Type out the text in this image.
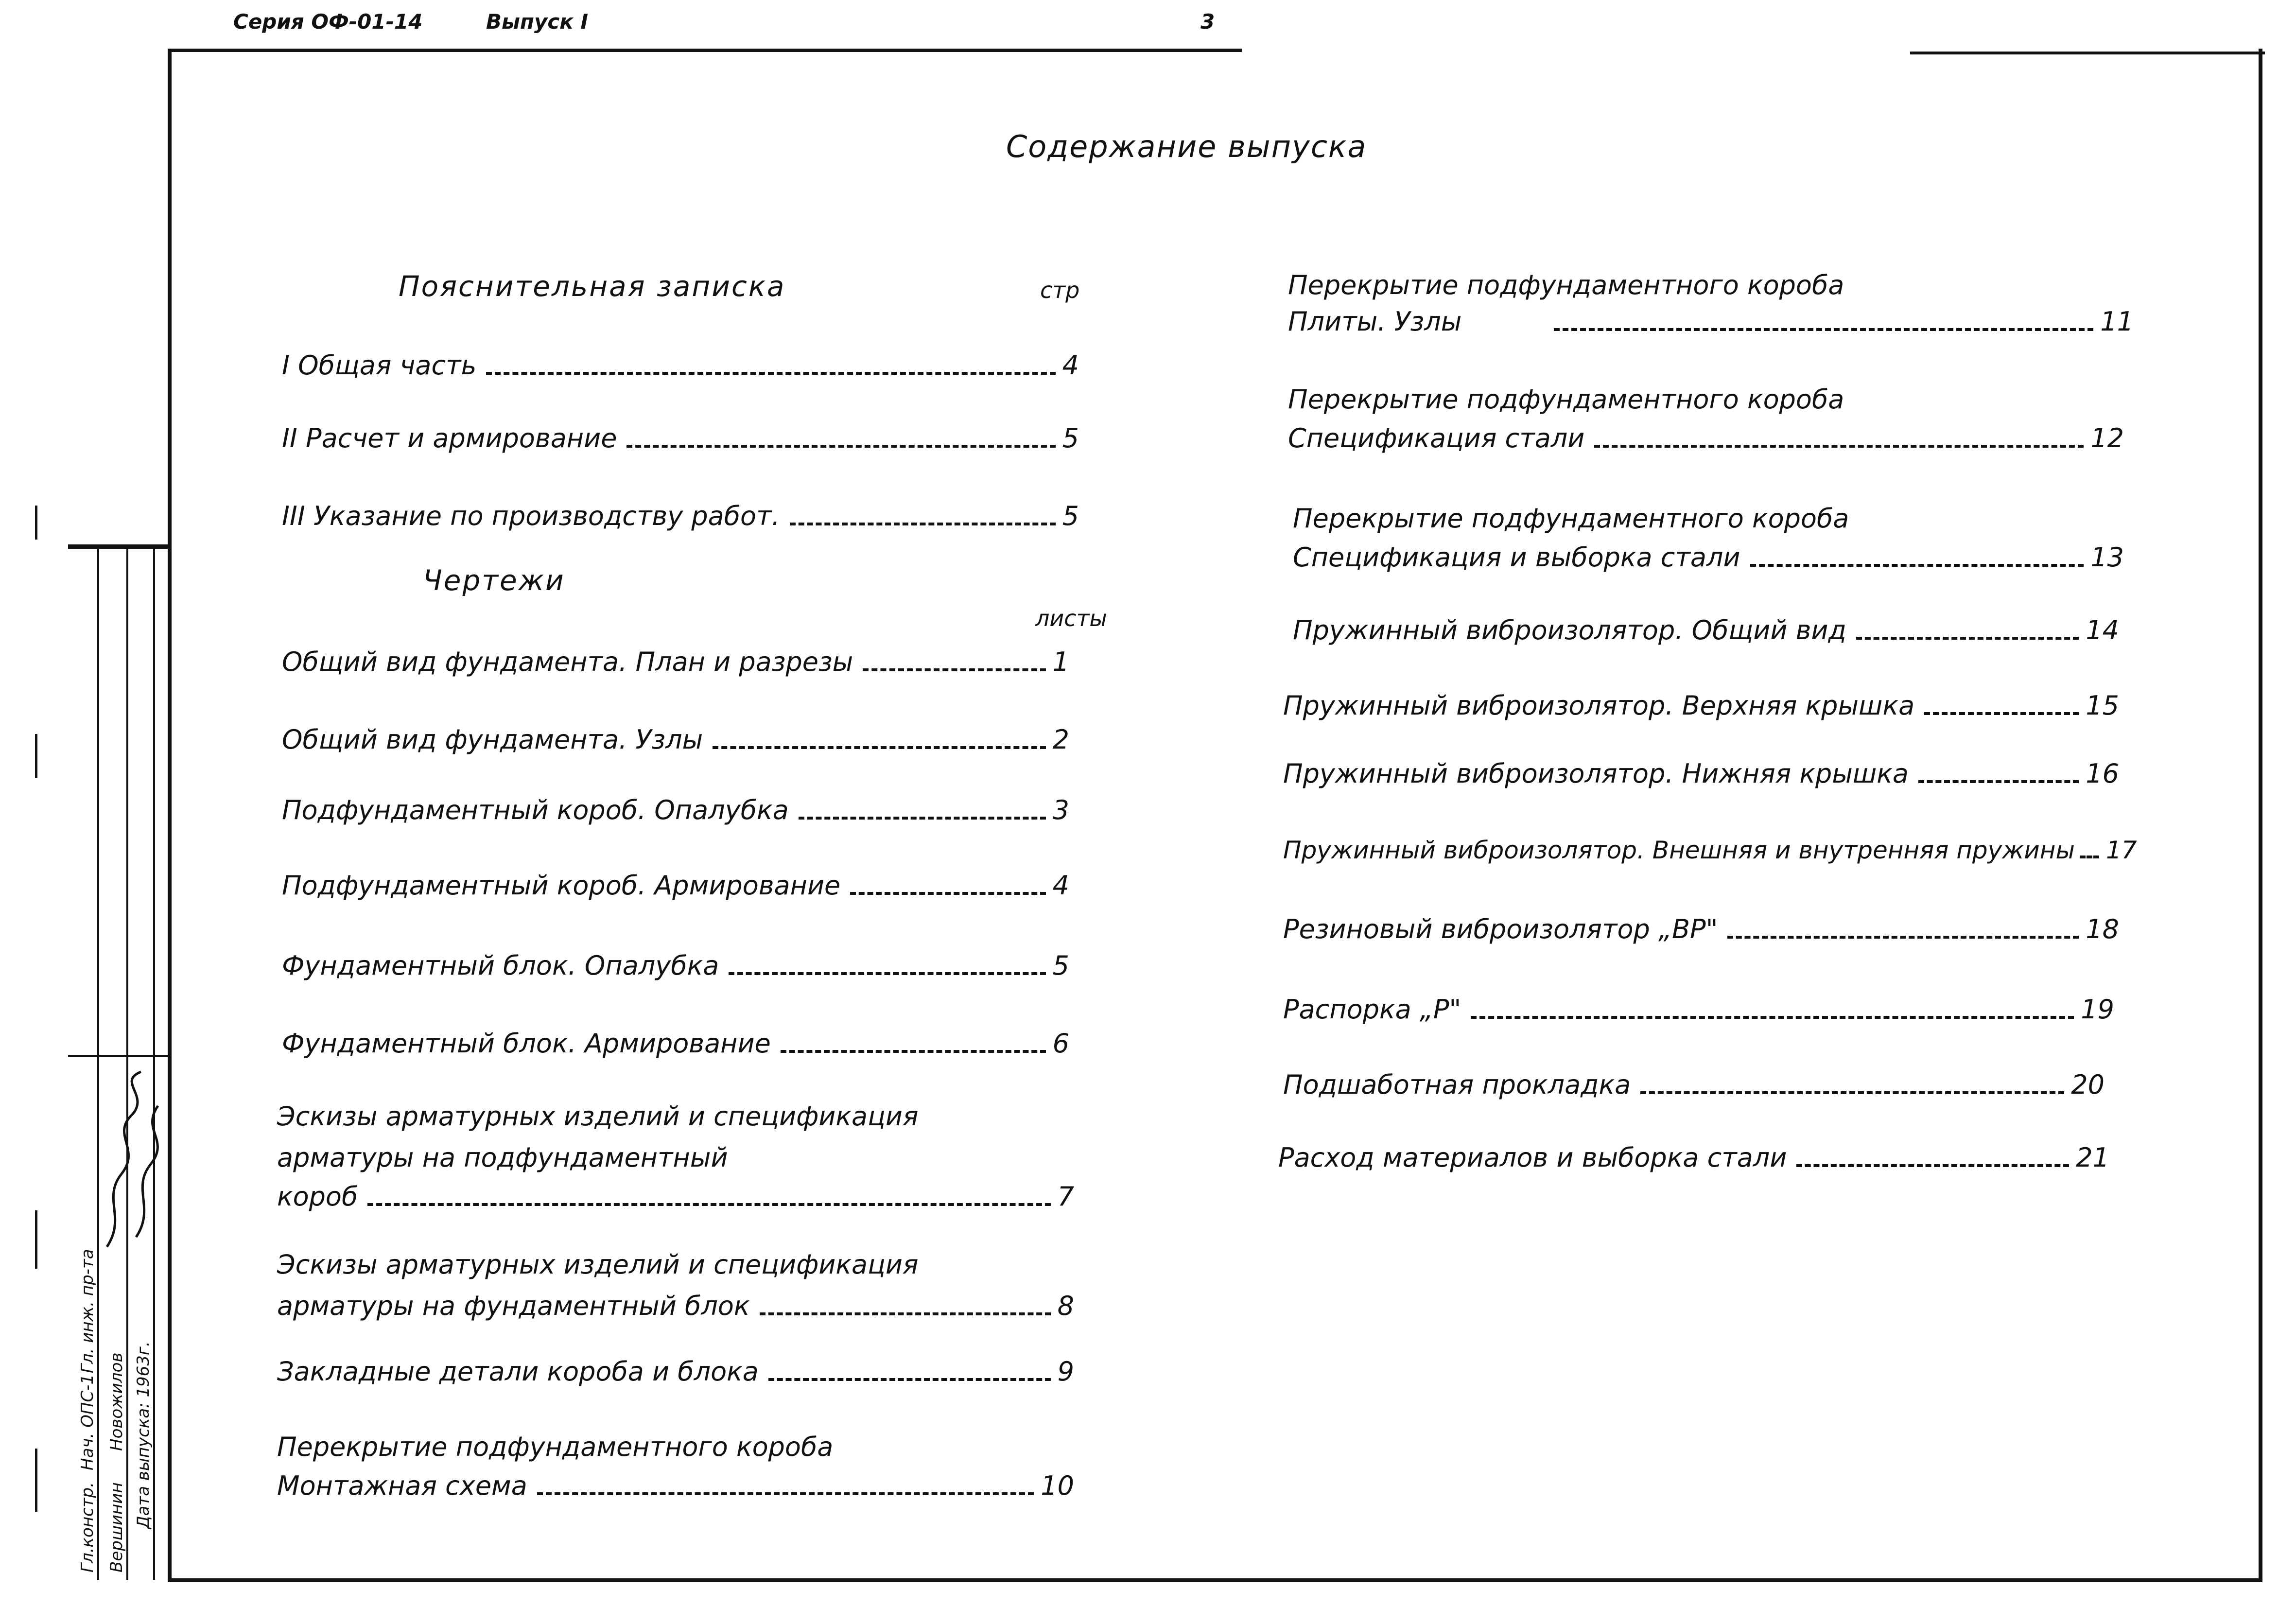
Серия ОФ-01-14	Выпуск I	3
Содержание выпуска
Пояснительная записка	стр
I Общая часть	4
II Расчет и армирование	5
III Указание по производству работ.	5
Чертежи
листы
Общий вид фундамента. План и разрезы	1
Общий вид фундамента. Узлы	2
Подфундаментный короб. Опалубка	3
Подфундаментный короб. Армирование	4
Фундаментный блок. Опалубка	5
Фундаментный блок. Армирование	6
Эскизы арматурных изделий и спецификация
арматуры на подфундаментный
короб	7
Эскизы арматурных изделий и спецификация
арматуры на фундаментный блок	8
Закладные детали короба и блока	9
Перекрытие подфундаментного короба
Монтажная схема	10
Перекрытие подфундаментного короба
Плиты. Узлы	11
Перекрытие подфундаментного короба
Спецификация стали	12
Перекрытие подфундаментного короба
Спецификация и выборка стали	13
Пружинный виброизолятор. Общий вид	14
Пружинный виброизолятор. Верхняя крышка	15
Пружинный виброизолятор. Нижняя крышка	16
Пружинный виброизолятор. Внешняя и внутренняя пружины 17
Резиновый виброизолятор „ВР"	18
Распорка „Р"	19
Подшаботная прокладка	20
Расход материалов и выборка стали	21
Гл.констр.
Нач. ОПС-1
Гл. инж. пр-та
Вершинин
Новожилов Дата выпуска: 1963г.
